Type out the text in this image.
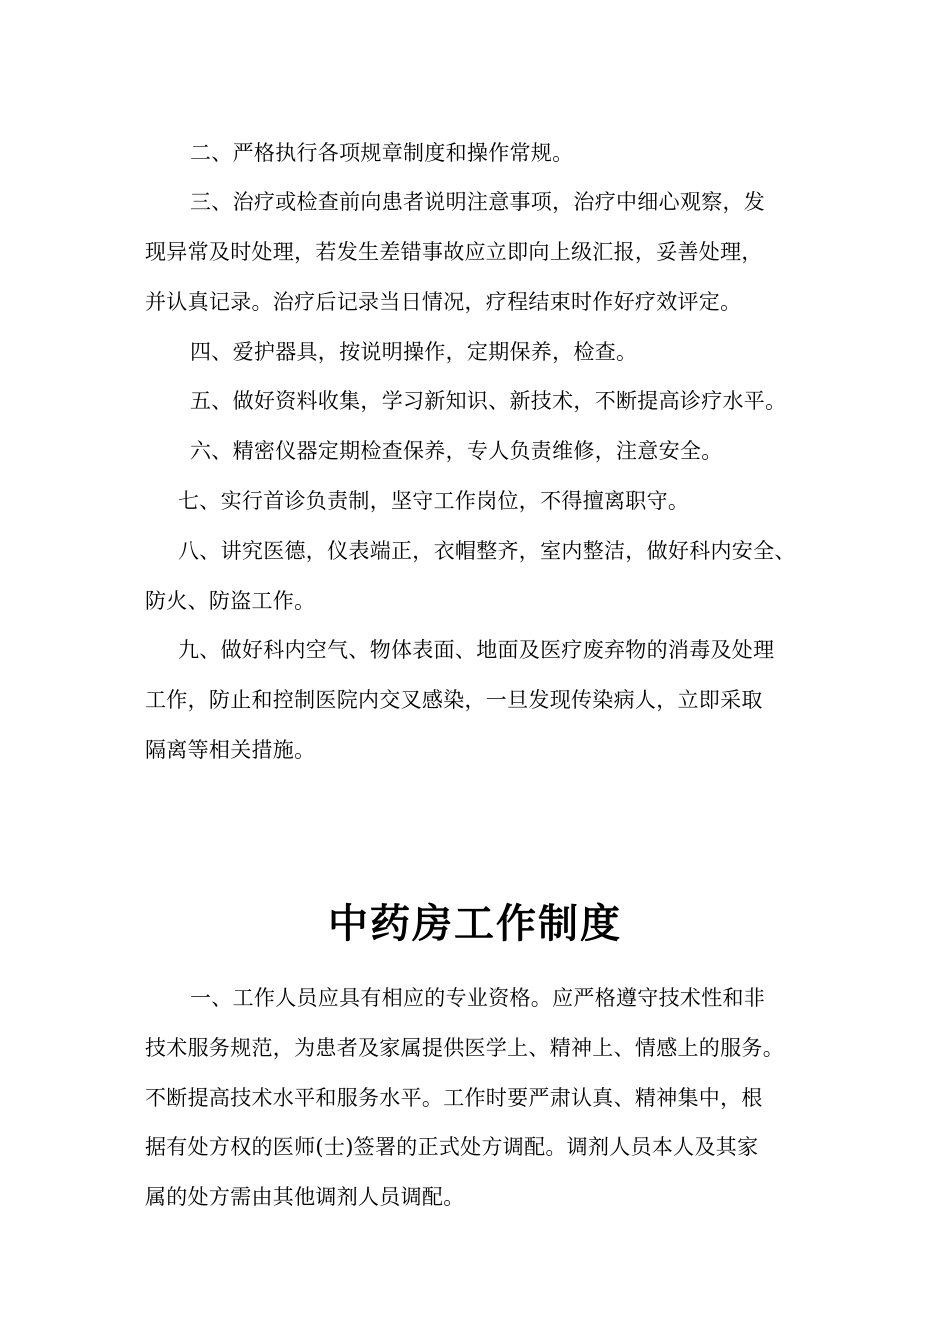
二、严格执行各项规章制度和操作常规。
三、治疗或检查前向患者说明注意事项，治疗中细心观察，发
现异常及时处理，若发生差错事故应立即向上级汇报，妥善处理，
并认真记录。治疗后记录当日情况，疗程结束时作好疗效评定。
四、爱护器具，按说明操作，定期保养，检查。
五、做好资料收集，学习新知识、新技术，不断提高诊疗水平。
六、精密仪器定期检查保养，专人负责维修，注意安全。
七、实行首诊负责制，坚守工作岗位，不得擅离职守。
八、讲究医德，仪表端正，衣帽整齐，室内整洁，做好科内安全、
防火、防盗工作。
九、做好科内空气、物体表面、地面及医疗废弃物的消毒及处理
工作，防止和控制医院内交叉感染，一旦发现传染病人，立即采取
隔离等相关措施。
中药房工作制度
一、工作人员应具有相应的专业资格。应严格遵守技术性和非
技术服务规范，为患者及家属提供医学上、精神上、情感上的服务。
不断提高技术水平和服务水平。工作时要严肃认真、精神集中，根
据有处方权的医师(士)签署的正式处方调配。调剂人员本人及其家
属的处方需由其他调剂人员调配。
